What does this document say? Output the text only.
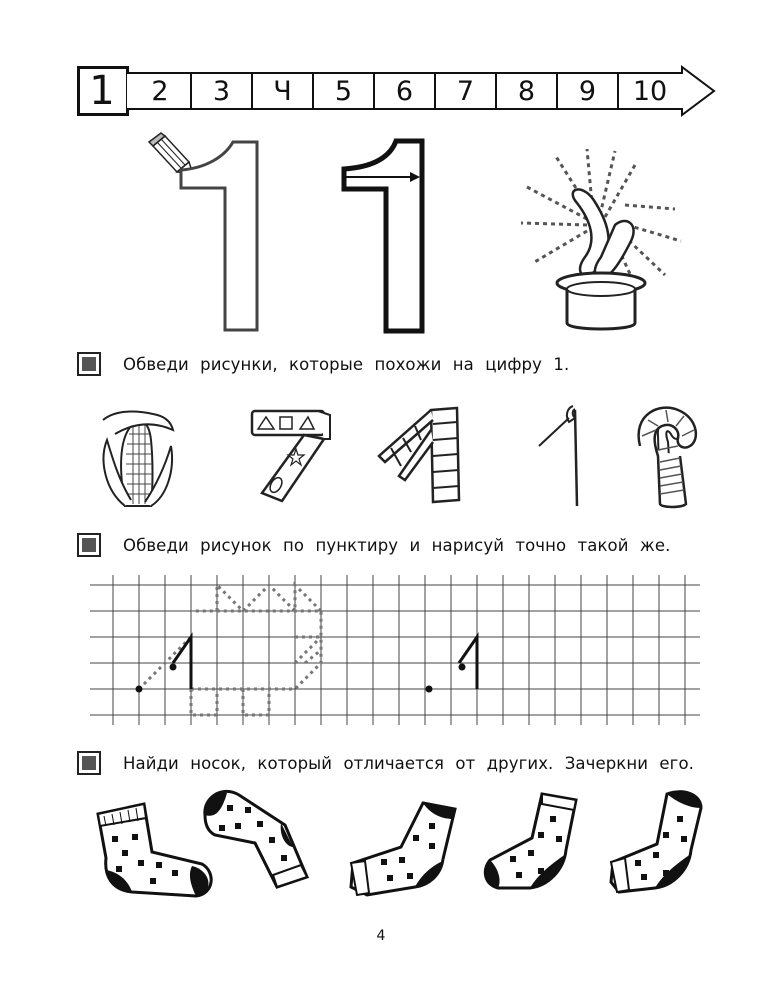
1	2	3	Ч	5	6	7	8	9	10
Обведи рисунки, которые похожи на цифру 1.
Обведи рисунок по пунктиру и нарисуй точно такой же.
Найди носок, который отличается от других. Зачеркни его.
4
